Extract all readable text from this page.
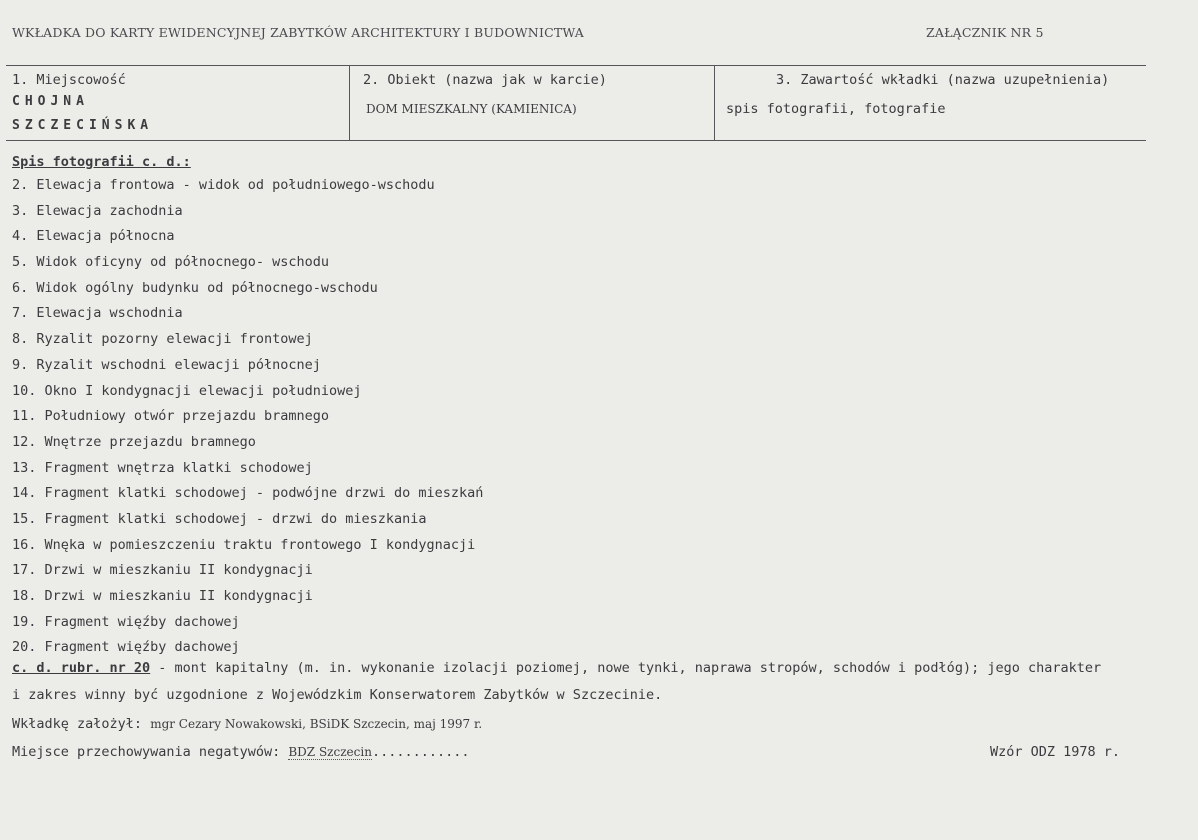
WKŁADKA DO KARTY EWIDENCYJNEJ ZABYTKÓW ARCHITEKTURY I BUDOWNICTWA	ZAŁĄCZNIK NR 5
1. Miejscowość
CHOJNA
SZCZECIŃSKA
2. Obiekt (nazwa jak w karcie)
DOM MIESZKALNY (KAMIENICA)
3. Zawartość wkładki (nazwa uzupełnienia)
spis fotografii, fotografie
Spis fotografii c. d.:
2. Elewacja frontowa - widok od południowego-wschodu
3. Elewacja zachodnia
4. Elewacja północna
5. Widok oficyny od północnego- wschodu
6. Widok ogólny budynku od północnego-wschodu
7. Elewacja wschodnia
8. Ryzalit pozorny elewacji frontowej
9. Ryzalit wschodni elewacji północnej
10. Okno I kondygnacji elewacji południowej
11. Południowy otwór przejazdu bramnego
12. Wnętrze przejazdu bramnego
13. Fragment wnętrza klatki schodowej
14. Fragment klatki schodowej - podwójne drzwi do mieszkań
15. Fragment klatki schodowej - drzwi do mieszkania
16. Wnęka w pomieszczeniu traktu frontowego I kondygnacji
17. Drzwi w mieszkaniu II kondygnacji
18. Drzwi w mieszkaniu II kondygnacji
19. Fragment więźby dachowej
20. Fragment więźby dachowej
c. d. rubr. nr 20 - mont kapitalny (m. in. wykonanie izolacji poziomej, nowe tynki, naprawa stropów, schodów i podłóg); jego charakter
i zakres winny być uzgodnione z Wojewódzkim Konserwatorem Zabytków w Szczecinie.
Wkładkę założył: mgr Cezary Nowakowski, BSiDK Szczecin, maj 1997 r.
Miejsce przechowywania negatywów: BDZ Szczecin............	Wzór ODZ 1978 r.
